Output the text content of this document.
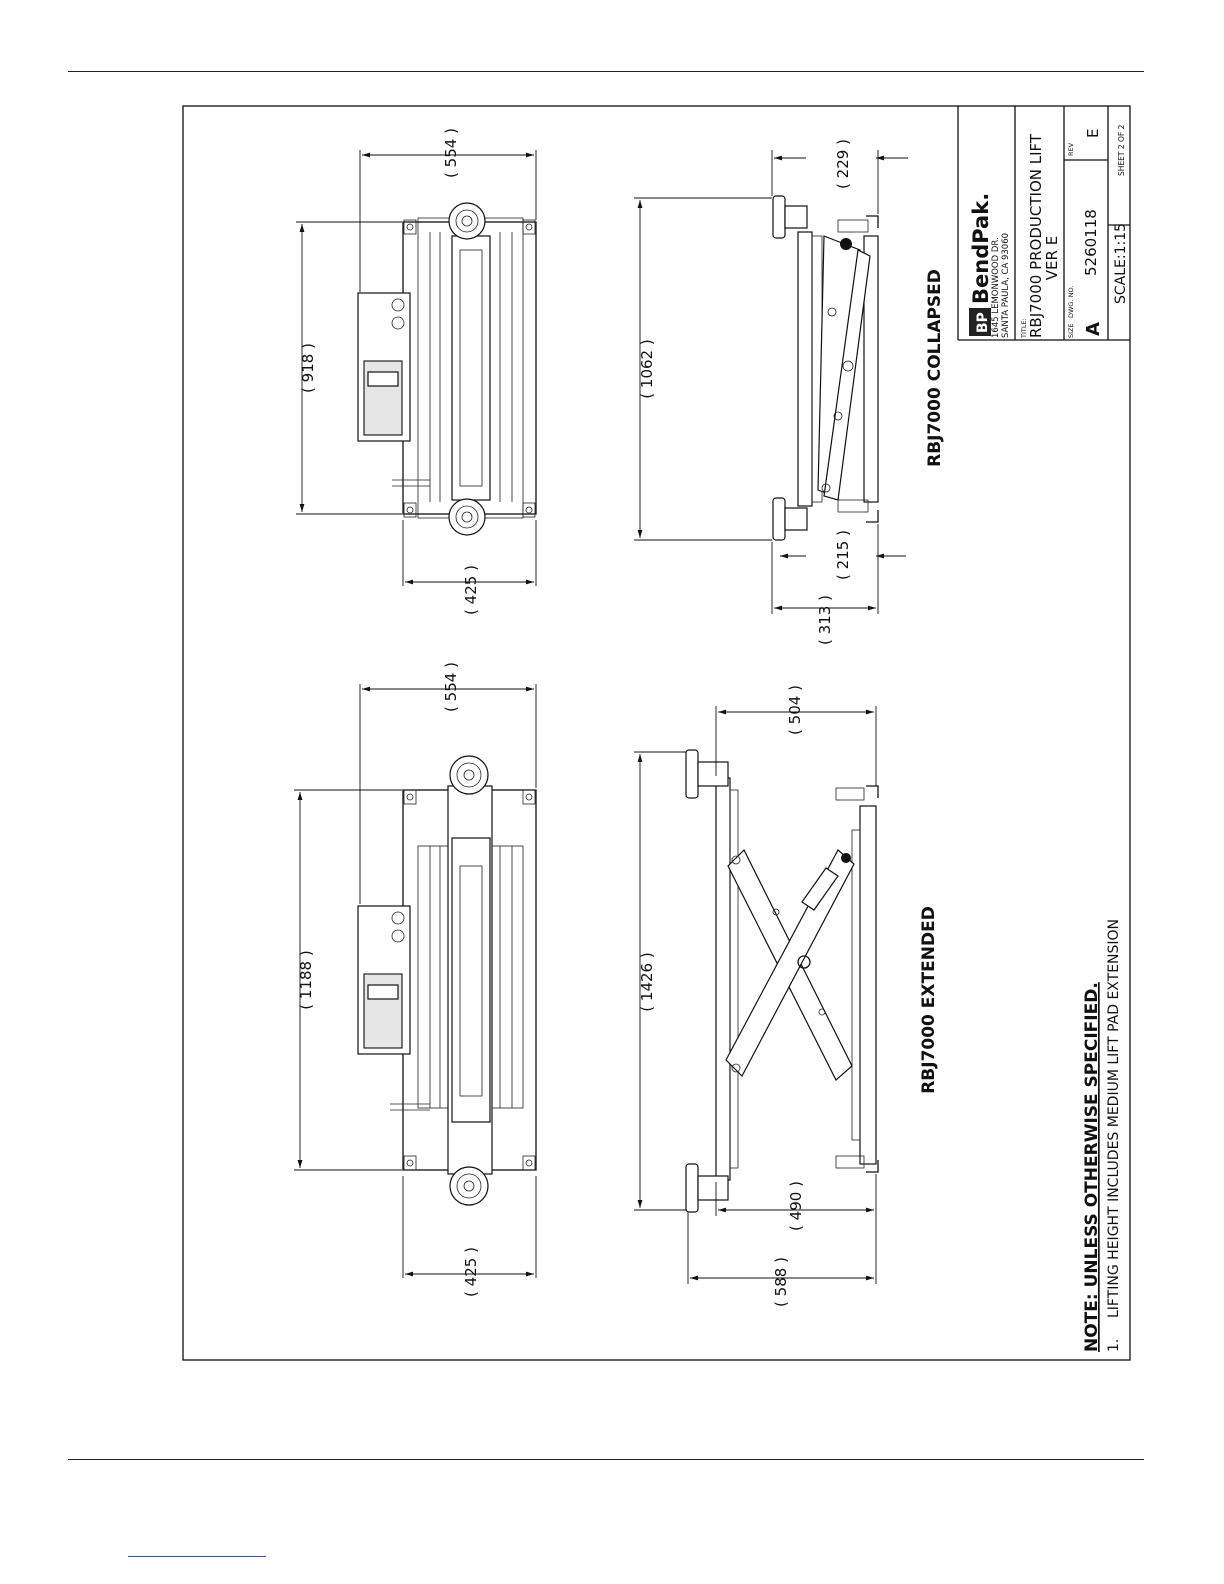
BP
BendPak.
1645 LEMONWOOD DR. SANTA PAULA, CA 93060 TITLE: RBJ7000 PRODUCTION LIFT
VER E
SIZE A
DWG. NO.
5260118
REV
E
SCALE:1:15
SHEET 2 OF 2
( 554 )
( 918 )
( 425 )
( 554 )
( 1188 )
( 425 )
( 1062 )
( 229 )
( 215 )
( 313 )
( 1426 )
( 504 )
( 490 )
( 588 )
RBJ7000 COLLAPSED
RBJ7000 EXTENDED	NOTE: UNLESS OTHERWISE SPECIFIED. 1.
LIFTING HEIGHT INCLUDES MEDIUM LIFT PAD EXTENSION
